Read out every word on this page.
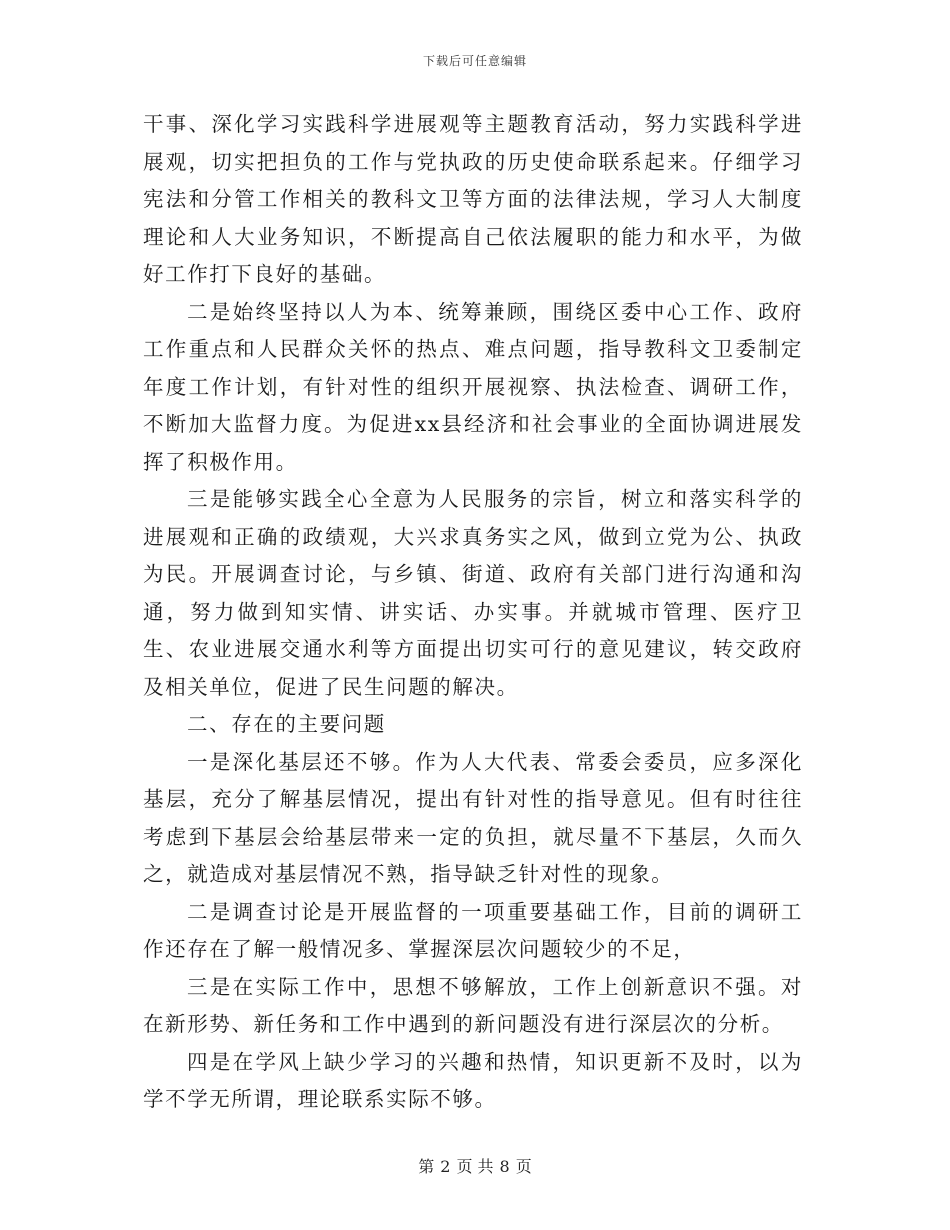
下载后可任意编辑

干事、深化学习实践科学进展观等主题教育活动，努力实践科学进展观，切实把担负的工作与党执政的历史使命联系起来。仔细学习宪法和分管工作相关的教科文卫等方面的法律法规，学习人大制度理论和人大业务知识，不断提高自己依法履职的能力和水平，为做好工作打下良好的基础。

二是始终坚持以人为本、统筹兼顾，围绕区委中心工作、政府工作重点和人民群众关怀的热点、难点问题，指导教科文卫委制定年度工作计划，有针对性的组织开展视察、执法检查、调研工作，不断加大监督力度。为促进xx县经济和社会事业的全面协调进展发挥了积极作用。

三是能够实践全心全意为人民服务的宗旨，树立和落实科学的进展观和正确的政绩观，大兴求真务实之风，做到立党为公、执政为民。开展调查讨论，与乡镇、街道、政府有关部门进行沟通和沟通，努力做到知实情、讲实话、办实事。并就城市管理、医疗卫生、农业进展交通水利等方面提出切实可行的意见建议，转交政府及相关单位，促进了民生问题的解决。

二、存在的主要问题

一是深化基层还不够。作为人大代表、常委会委员，应多深化基层，充分了解基层情况，提出有针对性的指导意见。但有时往往考虑到下基层会给基层带来一定的负担，就尽量不下基层，久而久之，就造成对基层情况不熟，指导缺乏针对性的现象。

二是调查讨论是开展监督的一项重要基础工作，目前的调研工作还存在了解一般情况多、掌握深层次问题较少的不足，

三是在实际工作中，思想不够解放，工作上创新意识不强。对在新形势、新任务和工作中遇到的新问题没有进行深层次的分析。

四是在学风上缺少学习的兴趣和热情，知识更新不及时，以为学不学无所谓，理论联系实际不够。

第 2 页 共 8 页
